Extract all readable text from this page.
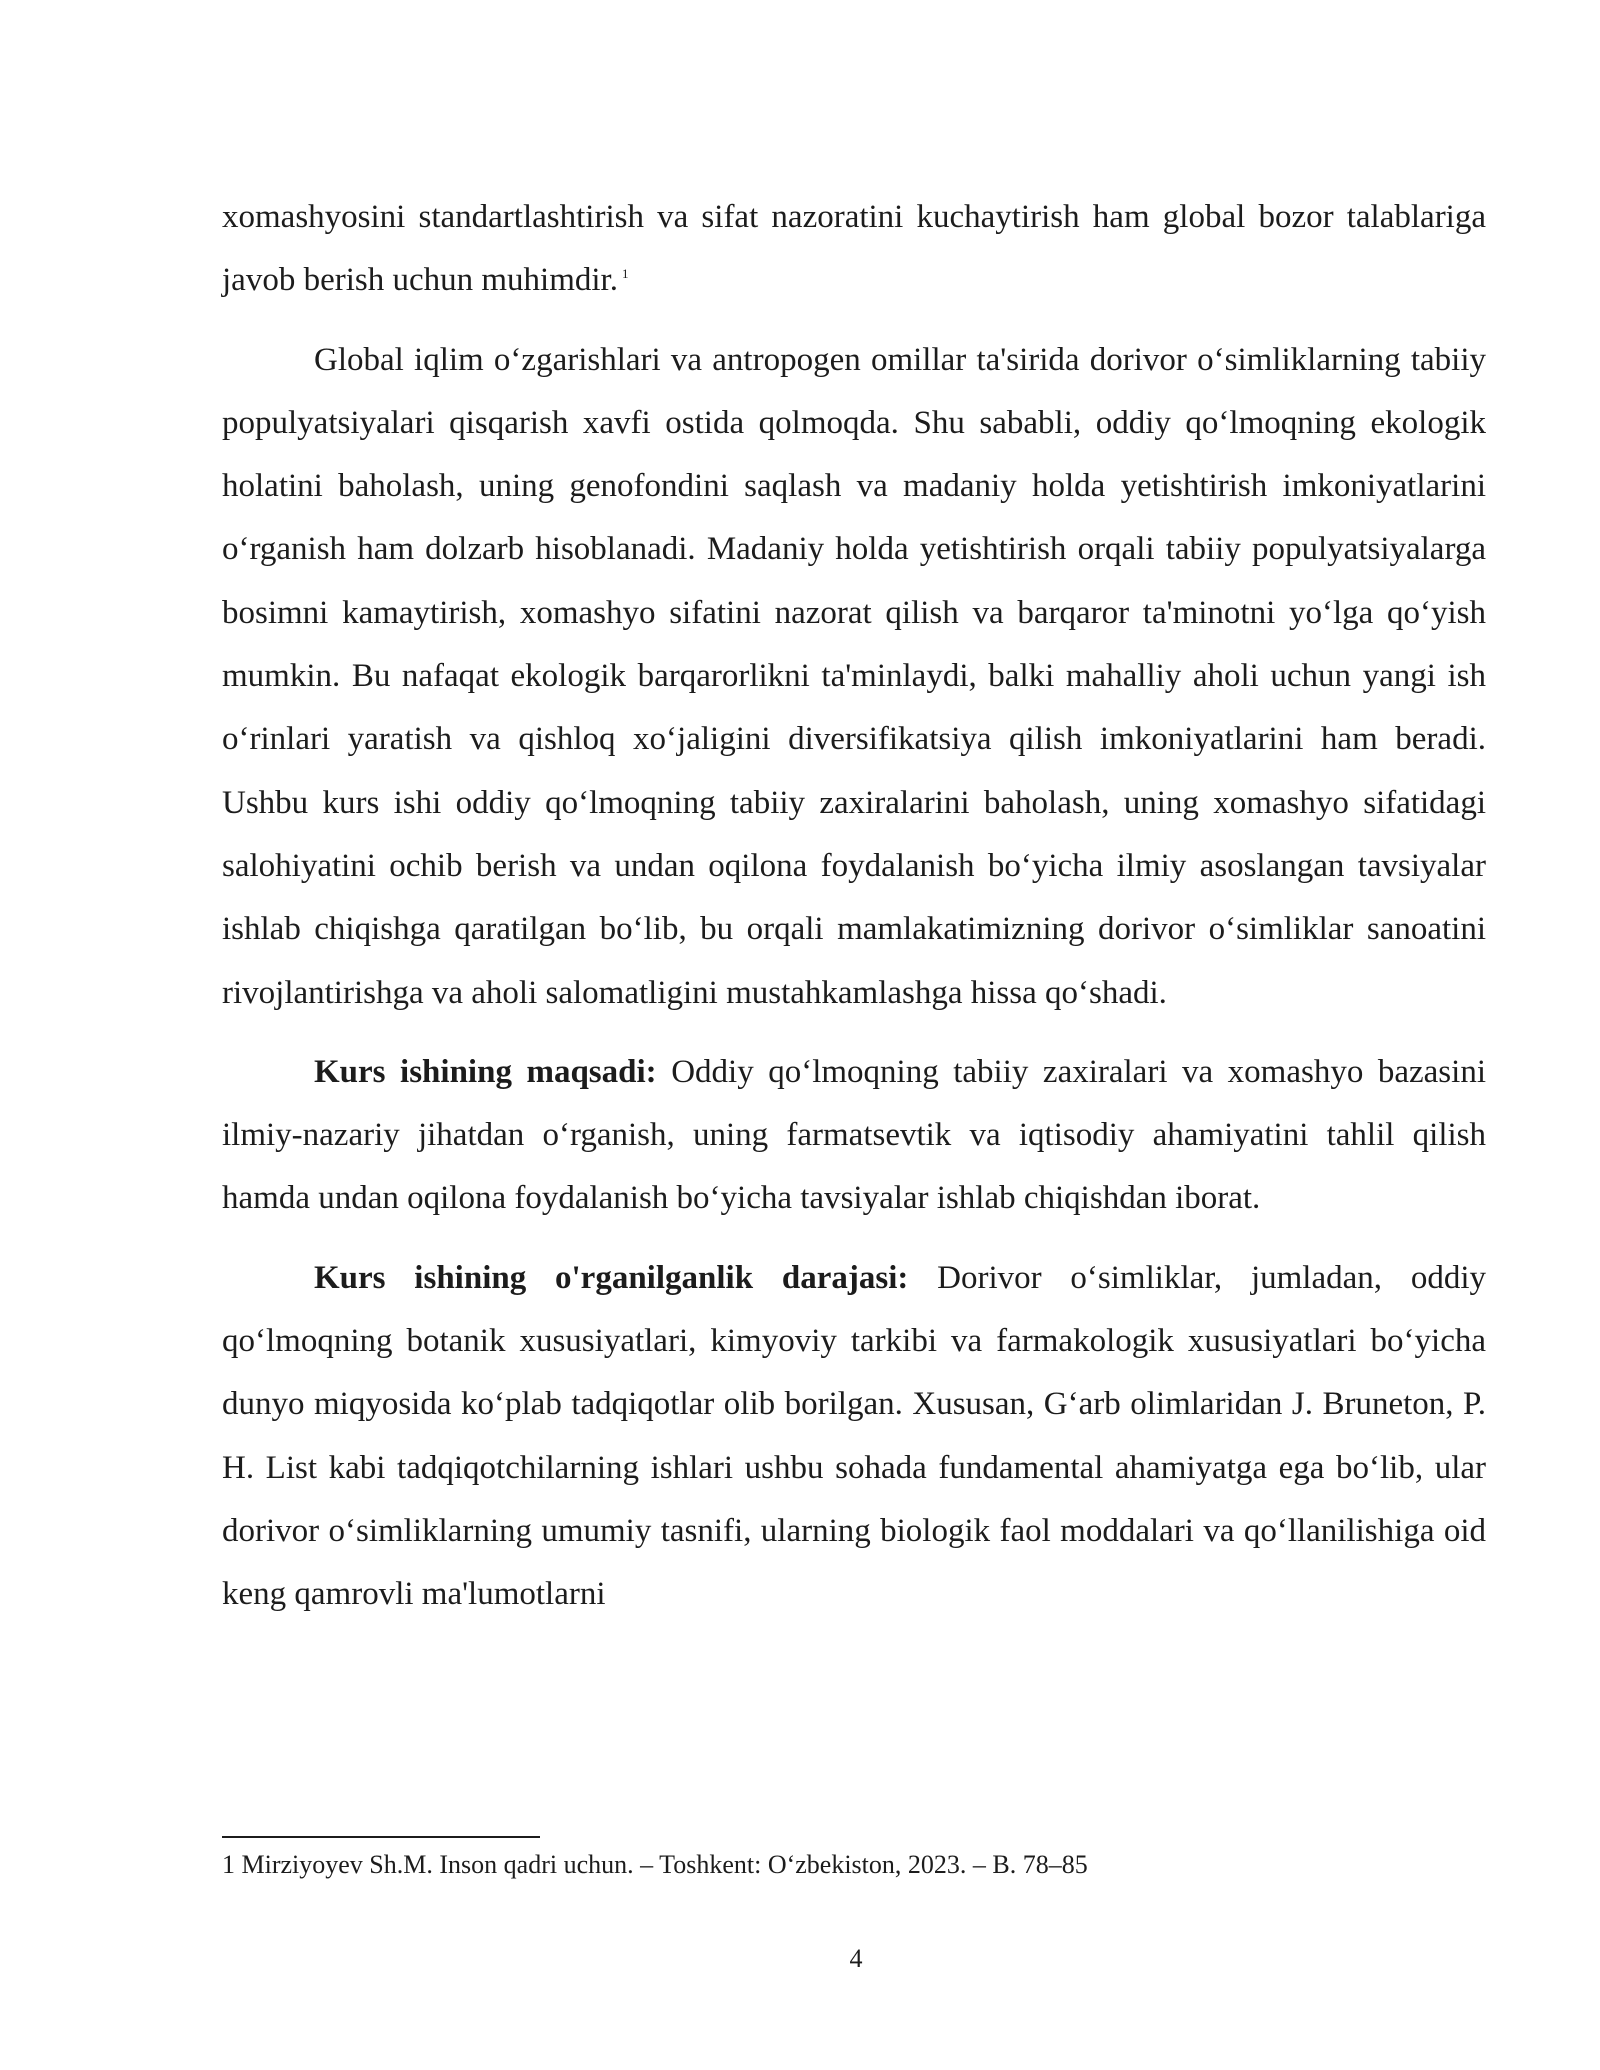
xomashyosini standartlashtirish va sifat nazoratini kuchaytirish ham global bozor talablariga javob berish uchun muhimdir. $^1$

Global iqlim o‘zgarishlari va antropogen omillar ta'sirida dorivor o‘simliklarning tabiiy populyatsiyalari qisqarish xavfi ostida qolmoqda. Shu sababli, oddiy qo‘lmoqning ekologik holatini baholash, uning genofondini saqlash va madaniy holda yetishtirish imkoniyatlarini o‘rganish ham dolzarb hisoblanadi. Madaniy holda yetishtirish orqali tabiiy populyatsiyalarga bosimni kamaytirish, xomashyo sifatini nazorat qilish va barqaror ta'minotni yo‘lga qo‘yish mumkin. Bu nafaqat ekologik barqarorlikni ta'minlaydi, balki mahalliy aholi uchun yangi ish o‘rinlari yaratish va qishloq xo‘jaligini diversifikatsiya qilish imkoniyatlarini ham beradi. Ushbu kurs ishi oddiy qo‘lmoqning tabiiy zaxiralarini baholash, uning xomashyo sifatidagi salohiyatini ochib berish va undan oqilona foydalanish bo‘yicha ilmiy asoslangan tavsiyalar ishlab chiqishga qaratilgan bo‘lib, bu orqali mamlakatimizning dorivor o‘simliklar sanoatini rivojlantirishga va aholi salomatligini mustahkamlashga hissa qo‘shadi.

Kurs ishining maqsadi: Oddiy qo‘lmoqning tabiiy zaxiralari va xomashyo bazasini ilmiy-nazariy jihatdan o‘rganish, uning farmatsevtik va iqtisodiy ahamiyatini tahlil qilish hamda undan oqilona foydalanish bo‘yicha tavsiyalar ishlab chiqishdan iborat.

Kurs ishining o'rganilganlik darajasi: Dorivor o‘simliklar, jumladan, oddiy qo‘lmoqning botanik xususiyatlari, kimyoviy tarkibi va farmakologik xususiyatlari bo‘yicha dunyo miqyosida ko‘plab tadqiqotlar olib borilgan. Xususan, G‘arb olimlaridan J. Bruneton, P. H. List kabi tadqiqotchilarning ishlari ushbu sohada fundamental ahamiyatga ega bo‘lib, ular dorivor o‘simliklarning umumiy tasnifi, ularning biologik faol moddalari va qo‘llanilishiga oid keng qamrovli ma'lumotlarni

1 Mirziyoyev Sh.M. Inson qadri uchun. – Toshkent: O‘zbekiston, 2023. – B. 78–85

4
